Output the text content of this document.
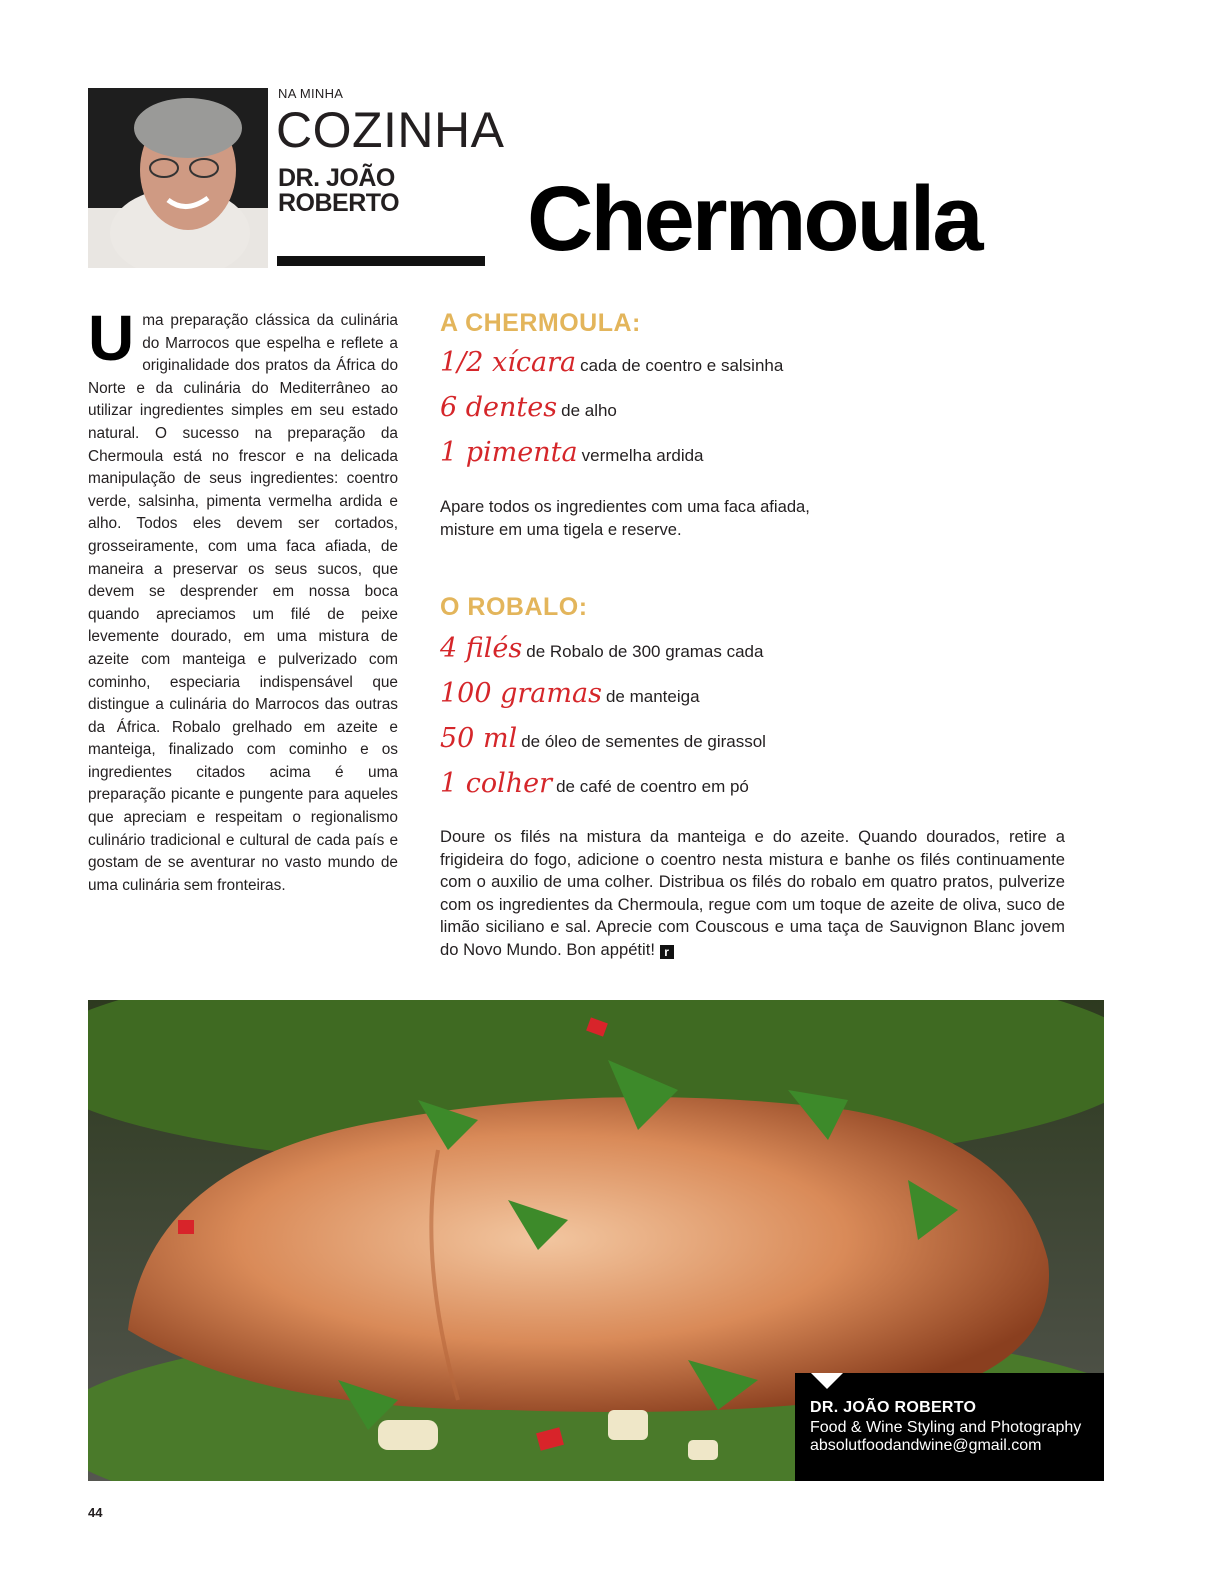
NA MINHA
COZINHA
DR. JOÃO
ROBERTO Chermoula
Uma preparação clássica da culinária do Marrocos que espelha e reflete a originalidade dos pratos da África do Norte e da culinária do Mediterrâneo ao utilizar ingredientes simples em seu estado natural. O sucesso na preparação da Chermoula está no frescor e na delicada manipulação de seus ingredientes: coentro verde, salsinha, pimenta vermelha ardida e alho. Todos eles devem ser cortados, grosseiramente, com uma faca afiada, de maneira a preservar os seus sucos, que devem se desprender em nossa boca quando apreciamos um filé de peixe levemente dourado, em uma mistura de azeite com manteiga e pulverizado com cominho, especiaria indispensável que distingue a culinária do Marrocos das outras da África. Robalo grelhado em azeite e manteiga, finalizado com cominho e os ingredientes citados acima é uma preparação picante e pungente para aqueles que apreciam e respeitam o regionalismo culinário tradicional e cultural de cada país e gostam de se aventurar no vasto mundo de uma culinária sem fronteiras.
A CHERMOULA:
1/2 xícara cada de coentro e salsinha
6 dentes de alho
1 pimenta vermelha ardida
Apare todos os ingredientes com uma faca afiada, misture em uma tigela e reserve.
O ROBALO:
4 filés de Robalo de 300 gramas cada
100 gramas de manteiga
50 ml de óleo de sementes de girassol
1 colher de café de coentro em pó
Doure os filés na mistura da manteiga e do azeite. Quando dourados, retire a frigideira do fogo, adicione o coentro nesta mistura e banhe os filés continuamente com o auxilio de uma colher. Distribua os filés do robalo em quatro pratos, pulverize com os ingredientes da Chermoula, regue com um toque de azeite de oliva, suco de limão siciliano e sal. Aprecie com Couscous e uma taça de Sauvignon Blanc jovem do Novo Mundo. Bon appétit! r
DR. JOÃO ROBERTO
Food & Wine Styling and Photography
absolutfoodandwine@gmail.com
44
